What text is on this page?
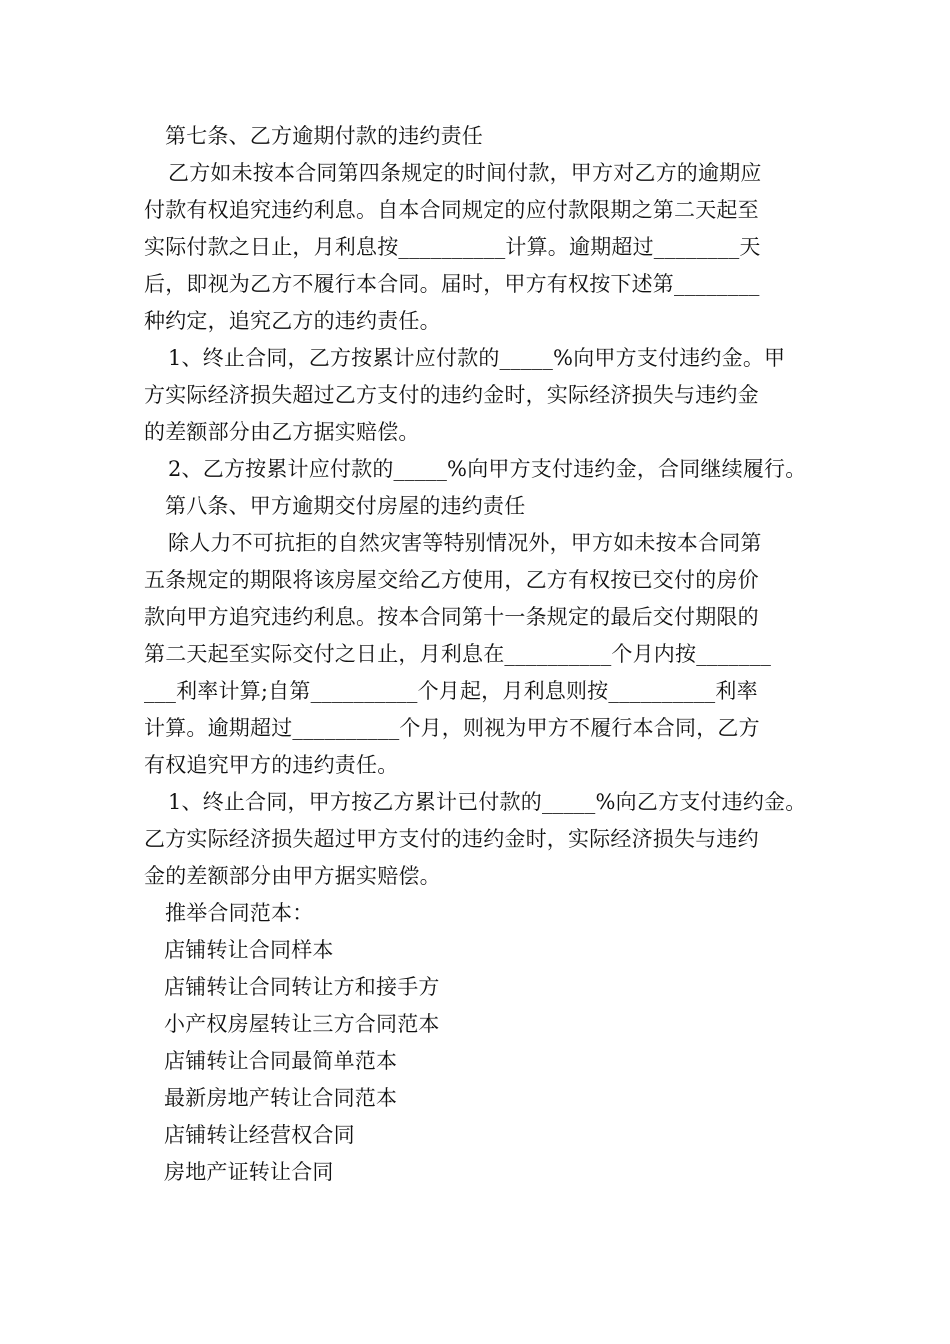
第七条、乙方逾期付款的违约责任
乙方如未按本合同第四条规定的时间付款，甲方对乙方的逾期应
付款有权追究违约利息。自本合同规定的应付款限期之第二天起至
实际付款之日止，月利息按__________计算。逾期超过________天
后，即视为乙方不履行本合同。届时，甲方有权按下述第________
种约定，追究乙方的违约责任。
1、终止合同，乙方按累计应付款的_____%向甲方支付违约金。甲
方实际经济损失超过乙方支付的违约金时，实际经济损失与违约金
的差额部分由乙方据实赔偿。
2、乙方按累计应付款的_____%向甲方支付违约金，合同继续履行。
第八条、甲方逾期交付房屋的违约责任
除人力不可抗拒的自然灾害等特别情况外，甲方如未按本合同第
五条规定的期限将该房屋交给乙方使用，乙方有权按已交付的房价
款向甲方追究违约利息。按本合同第十一条规定的最后交付期限的
第二天起至实际交付之日止，月利息在__________个月内按_______
___利率计算;自第__________个月起，月利息则按__________利率
计算。逾期超过__________个月，则视为甲方不履行本合同，乙方
有权追究甲方的违约责任。
1、终止合同，甲方按乙方累计已付款的_____%向乙方支付违约金。
乙方实际经济损失超过甲方支付的违约金时，实际经济损失与违约
金的差额部分由甲方据实赔偿。
推举合同范本：
店铺转让合同样本
店铺转让合同转让方和接手方
小产权房屋转让三方合同范本
店铺转让合同最简单范本
最新房地产转让合同范本
店铺转让经营权合同
房地产证转让合同
